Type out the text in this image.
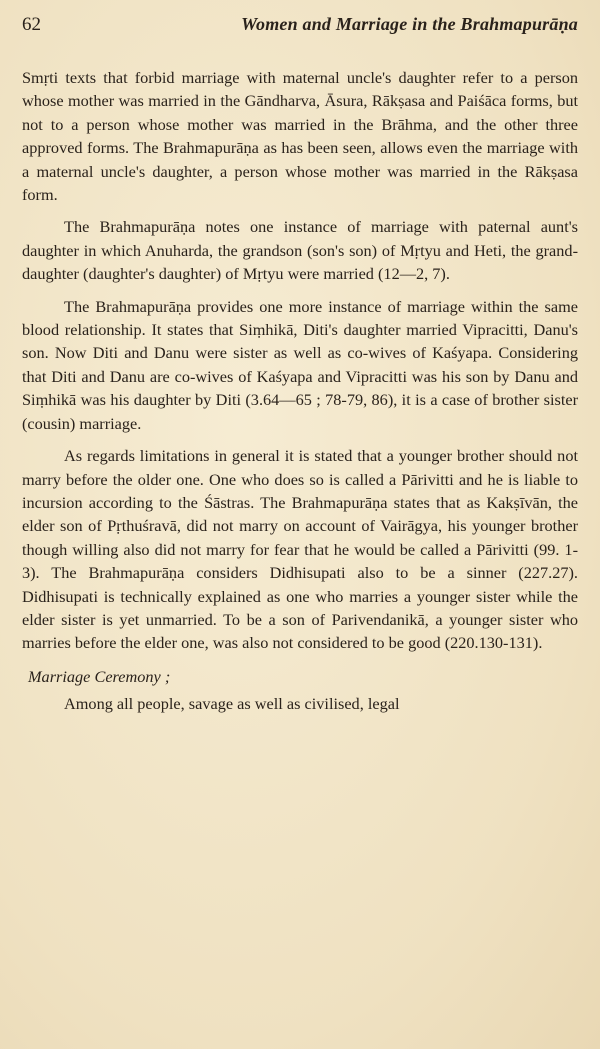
62	Women and Marriage in the Brahmapurāṇa

Smṛti texts that forbid marriage with maternal uncle's daughter refer to a person whose mother was married in the Gāndharva, Āsura, Rākṣasa and Paiśāca forms, but not to a person whose mother was married in the Brāhma, and the other three approved forms. The Brahmapurāṇa as has been seen, allows even the marriage with a maternal uncle's daughter, a person whose mother was married in the Rākṣasa form.

The Brahmapurāṇa notes one instance of marriage with paternal aunt's daughter in which Anuharda, the grandson (son's son) of Mṛtyu and Heti, the grand-daughter (daughter's daughter) of Mṛtyu were married (12—2, 7).

The Brahmapurāṇa provides one more instance of marriage within the same blood relationship. It states that Siṃhikā, Diti's daughter married Vipracitti, Danu's son. Now Diti and Danu were sister as well as co-wives of Kaśyapa. Considering that Diti and Danu are co-wives of Kaśyapa and Vipracitti was his son by Danu and Siṃhikā was his daughter by Diti (3.64—65 ; 78-79, 86), it is a case of brother sister (cousin) marriage.

As regards limitations in general it is stated that a younger brother should not marry before the older one. One who does so is called a Pārivitti and he is liable to incursion according to the Śāstras. The Brahmapurāṇa states that as Kakṣīvān, the elder son of Pṛthuśravā, did not marry on account of Vairāgya, his younger brother though willing also did not marry for fear that he would be called a Pārivitti (99. 1-3). The Brahmapurāṇa considers Didhisupati also to be a sinner (227.27). Didhisupati is technically explained as one who marries a younger sister while the elder sister is yet unmarried. To be a son of Parivendanikā, a younger sister who marries before the elder one, was also not considered to be good (220.130-131).

Marriage Ceremony ;

Among all people, savage as well as civilised, legal
